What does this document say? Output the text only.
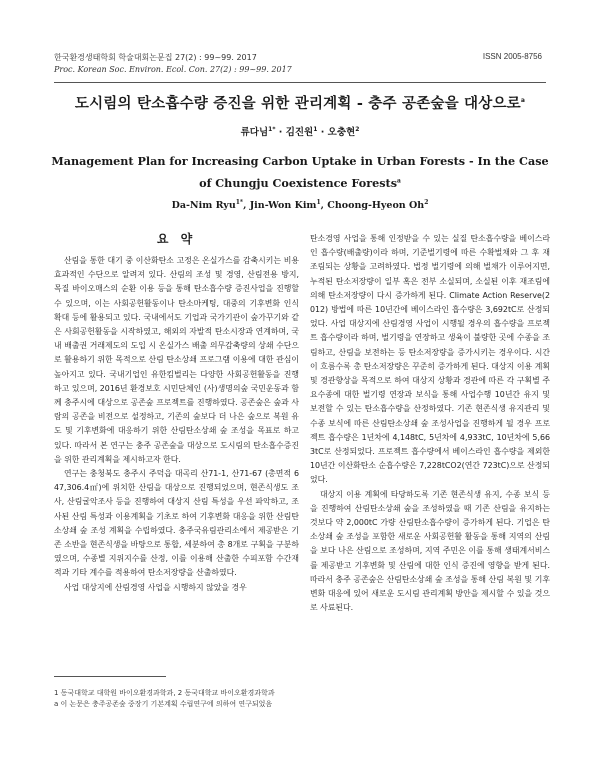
한국환경생태학회 학술대회논문집 27(2) : 99~99. 2017
Proc. Korean Soc. Environ. Ecol. Con. 27(2) : 99~99. 2017
ISSN 2005-8756
도시림의 탄소흡수량 증진을 위한 관리계획 - 충주 공존숲을 대상으로$^a$
류다님$^{1*}$ · 김진원$^1$ · 오충현$^2$
Management Plan for Increasing Carbon Uptake in Urban Forests - In the Case of Chungju Coexistence Forests$^a$
Da-Nim Ryu$^{1*}$, Jin-Won Kim$^1$, Choong-Hyeon Oh$^2$
요 약

산림을 통한 대기 중 이산화탄소 고정은 온실가스를 감축시키는 비용 효과적인 수단으로 알려져 있다. 산림의 조성 및 경영, 산림전용 방지, 목질 바이오매스의 순환 이용 등을 통해 탄소흡수량 증진사업을 진행할 수 있으며, 이는 사회공헌활동이나 탄소마케팅, 대중의 기후변화 인식 확대 등에 활용되고 있다. 국내에서도 기업과 국가기관이 숲가꾸기와 같은 사회공헌활동을 시작하였고, 해외의 자발적 탄소시장과 연계하며, 국내 배출권 거래제도의 도입 시 온실가스 배출 의무감축량의 상쇄 수단으로 활용하기 위한 목적으로 산림 탄소상쇄 프로그램 이용에 대한 관심이 높아지고 있다. 국내기업인 유한킴벌리는 다양한 사회공헌활동을 진행하고 있으며, 2016년 환경보호 시민단체인 (사)생명의숲 국민운동과 함께 충주시에 대상으로 공존숲 프로젝트를 진행하였다. 공존숲은 숲과 사람의 공존을 비전으로 설정하고, 기존의 숲보다 더 나은 숲으로 복원 유도 및 기후변화에 대응하기 위한 산림탄소상쇄 숲 조성을 목표로 하고 있다. 따라서 본 연구는 충주 공존숲을 대상으로 도시림의 탄소흡수증진을 위한 관리계획을 제시하고자 한다.

연구는 충청북도 충주시 주덕읍 대곡리 산71-1, 산71-67 (총면적 647,306.4㎡)에 위치한 산림을 대상으로 진행되었으며, 현존식생도 조사, 산림굴악조사 등을 진행하여 대상지 산림 특성을 우선 파악하고, 조사된 산림 특성과 이용계획을 기초로 하여 기후변화 대응을 위한 산림탄소상쇄 숲 조성 계획을 수립하였다. 충주국유림관리소에서 제공받은 기존 소반을 현존식생을 바탕으로 통합, 세분하여 총 8개로 구획을 구분하였으며, 수종별 지위지수를 산정, 이를 이용해 산출한 수피포함 수간재적과 기타 계수를 적용하여 탄소저장량을 산출하였다.

사업 대상지에 산림경영 사업을 시행하지 않았을 경우

탄소경영 사업을 통해 인정받을 수 있는 실질 탄소흡수량을 베이스라인 흡수량(배출량)이라 하며, 기준벌기령에 따른 수확벌채와 그 후 재조림되는 상황을 고려하였다. 법정 벌기령에 의해 벌채가 이루어지면, 누적된 탄소저장량이 일부 혹은 전부 소실되며, 소실된 이후 재조림에 의해 탄소저장량이 다시 증가하게 된다. Climate Action Reserve(2012) 방법에 따른 10년간에 베이스라인 흡수량은 3,692tC로 산정되었다. 사업 대상지에 산림경영 사업이 시행될 경우의 흡수량을 프로젝트 흡수량이라 하며, 벌기령을 연장하고 생육이 불량한 곳에 수종을 조림하고, 산림을 보전하는 등 탄소저장량을 증가시키는 경우이다. 시간이 흐름수록 총 탄소저장량은 꾸준히 증가하게 된다. 대상지 이용 계획 및 경관향상을 목적으로 하여 대상지 상황과 경관에 따른 각 구획별 주요수종에 대한 벌기령 연장과 보식을 통해 사업수행 10년간 유지 및 보전할 수 있는 탄소흡수량을 산정하였다. 기존 현존식생 유지관리 및 수종 보식에 따른 산림탄소상쇄 숲 조성사업을 진행하게 될 경우 프로젝트 흡수량은 1년차에 4,148tC, 5년차에 4,933tC, 10년차에 5,663tC로 산정되었다. 프로젝트 흡수량에서 베이스라인 흡수량을 제외한 10년간 이산화탄소 순흡수량은 7,228tCO2(연간 723tC)으로 산정되었다.

대상지 이용 계획에 타당하도록 기존 현존식생 유지, 수종 보식 등을 진행하여 산림탄소상쇄 숲을 조성하였을 때 기존 산림을 유지하는 것보다 약 2,000tC 가량 산림탄소흡수량이 증가하게 된다. 기업은 탄소상쇄 숲 조성을 포함한 새로운 사회공헌활 활동을 통해 지역의 산림을 보다 나은 산림으로 조성하며, 지역 주민은 이를 통해 생태계서비스를 제공받고 기후변화 및 산림에 대한 인식 증진에 영향을 받게 된다. 따라서 충주 공존숲은 산림탄소상쇄 숲 조성을 통해 산림 복원 및 기후변화 대응에 있어 새로운 도시림 관리계획 방안을 제시할 수 있을 것으로 사료된다.

1 동국대학교 대학원 바이오환경과학과, 2 동국대학교 바이오환경과학과
a 이 논문은 충주공존숲 중장기 기본계획 수립연구에 의하여 연구되었음
